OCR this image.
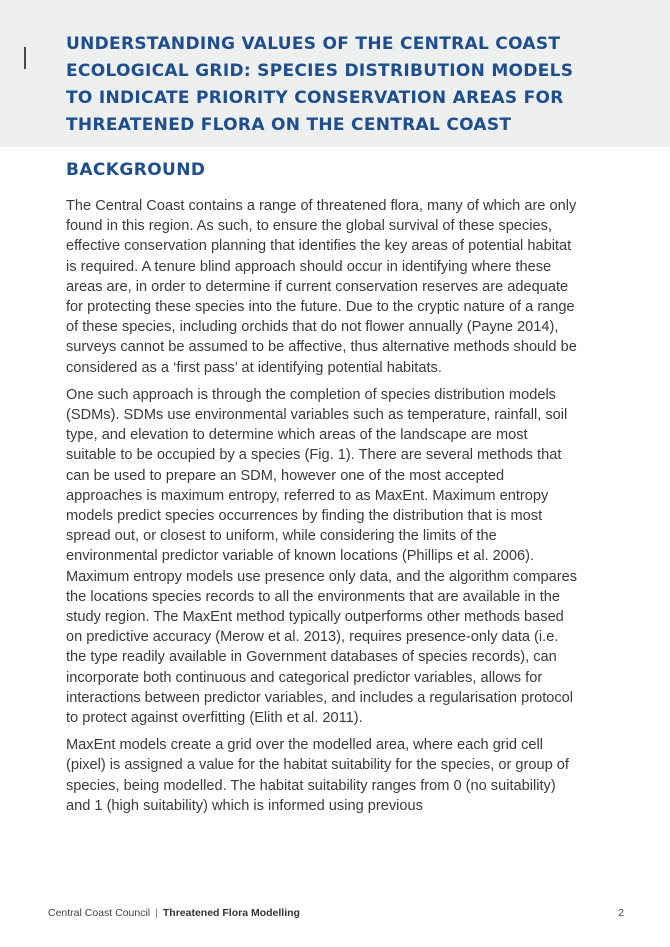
UNDERSTANDING VALUES OF THE CENTRAL COAST ECOLOGICAL GRID: SPECIES DISTRIBUTION MODELS TO INDICATE PRIORITY CONSERVATION AREAS FOR THREATENED FLORA ON THE CENTRAL COAST
BACKGROUND

The Central Coast contains a range of threatened flora, many of which are only found in this region. As such, to ensure the global survival of these species, effective conservation planning that identifies the key areas of potential habitat is required. A tenure blind approach should occur in identifying where these areas are, in order to determine if current conservation reserves are adequate for protecting these species into the future. Due to the cryptic nature of a range of these species, including orchids that do not flower annually (Payne 2014), surveys cannot be assumed to be affective, thus alternative methods should be considered as a ‘first pass’ at identifying potential habitats.

One such approach is through the completion of species distribution models (SDMs). SDMs use environmental variables such as temperature, rainfall, soil type, and elevation to determine which areas of the landscape are most suitable to be occupied by a species (Fig. 1). There are several methods that can be used to prepare an SDM, however one of the most accepted approaches is maximum entropy, referred to as MaxEnt. Maximum entropy models predict species occurrences by finding the distribution that is most spread out, or closest to uniform, while considering the limits of the environmental predictor variable of known locations (Phillips et al. 2006). Maximum entropy models use presence only data, and the algorithm compares the locations species records to all the environments that are available in the study region. The MaxEnt method typically outperforms other methods based on predictive accuracy (Merow et al. 2013), requires presence-only data (i.e. the type readily available in Government databases of species records), can incorporate both continuous and categorical predictor variables, allows for interactions between predictor variables, and includes a regularisation protocol to protect against overfitting (Elith et al. 2011).

MaxEnt models create a grid over the modelled area, where each grid cell (pixel) is assigned a value for the habitat suitability for the species, or group of species, being modelled. The habitat suitability ranges from 0 (no suitability) and 1 (high suitability) which is informed using previous

Central Coast Council | Threatened Flora Modelling	2
